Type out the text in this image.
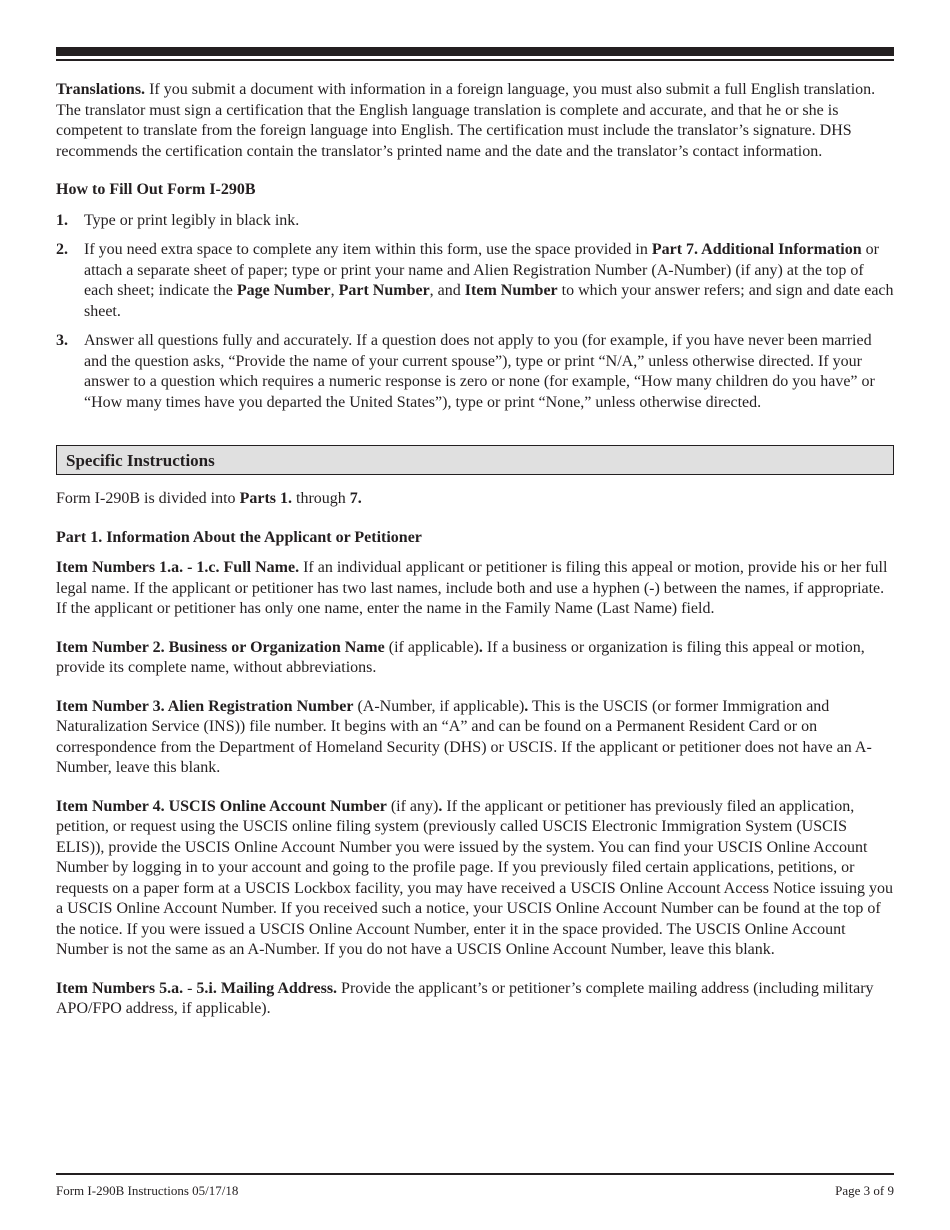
Translations. If you submit a document with information in a foreign language, you must also submit a full English translation. The translator must sign a certification that the English language translation is complete and accurate, and that he or she is competent to translate from the foreign language into English. The certification must include the translator’s signature. DHS recommends the certification contain the translator’s printed name and the date and the translator’s contact information.

How to Fill Out Form I-290B

1. Type or print legibly in black ink.
2. If you need extra space to complete any item within this form, use the space provided in Part 7. Additional Information or attach a separate sheet of paper; type or print your name and Alien Registration Number (A-Number) (if any) at the top of each sheet; indicate the Page Number, Part Number, and Item Number to which your answer refers; and sign and date each sheet.
3. Answer all questions fully and accurately. If a question does not apply to you (for example, if you have never been married and the question asks, “Provide the name of your current spouse”), type or print “N/A,” unless otherwise directed. If your answer to a question which requires a numeric response is zero or none (for example, “How many children do you have” or “How many times have you departed the United States”), type or print “None,” unless otherwise directed.
Specific Instructions

Form I-290B is divided into Parts 1. through 7.

Part 1. Information About the Applicant or Petitioner

Item Numbers 1.a. - 1.c. Full Name. If an individual applicant or petitioner is filing this appeal or motion, provide his or her full legal name. If the applicant or petitioner has two last names, include both and use a hyphen (-) between the names, if appropriate. If the applicant or petitioner has only one name, enter the name in the Family Name (Last Name) field.

Item Number 2. Business or Organization Name (if applicable). If a business or organization is filing this appeal or motion, provide its complete name, without abbreviations.

Item Number 3. Alien Registration Number (A-Number, if applicable). This is the USCIS (or former Immigration and Naturalization Service (INS)) file number. It begins with an “A” and can be found on a Permanent Resident Card or on correspondence from the Department of Homeland Security (DHS) or USCIS. If the applicant or petitioner does not have an A-Number, leave this blank.

Item Number 4. USCIS Online Account Number (if any). If the applicant or petitioner has previously filed an application, petition, or request using the USCIS online filing system (previously called USCIS Electronic Immigration System (USCIS ELIS)), provide the USCIS Online Account Number you were issued by the system. You can find your USCIS Online Account Number by logging in to your account and going to the profile page. If you previously filed certain applications, petitions, or requests on a paper form at a USCIS Lockbox facility, you may have received a USCIS Online Account Access Notice issuing you a USCIS Online Account Number. If you received such a notice, your USCIS Online Account Number can be found at the top of the notice. If you were issued a USCIS Online Account Number, enter it in the space provided. The USCIS Online Account Number is not the same as an A-Number. If you do not have a USCIS Online Account Number, leave this blank.

Item Numbers 5.a. - 5.i. Mailing Address. Provide the applicant’s or petitioner’s complete mailing address (including military APO/FPO address, if applicable).

Form I-290B Instructions 05/17/18	Page 3 of 9
